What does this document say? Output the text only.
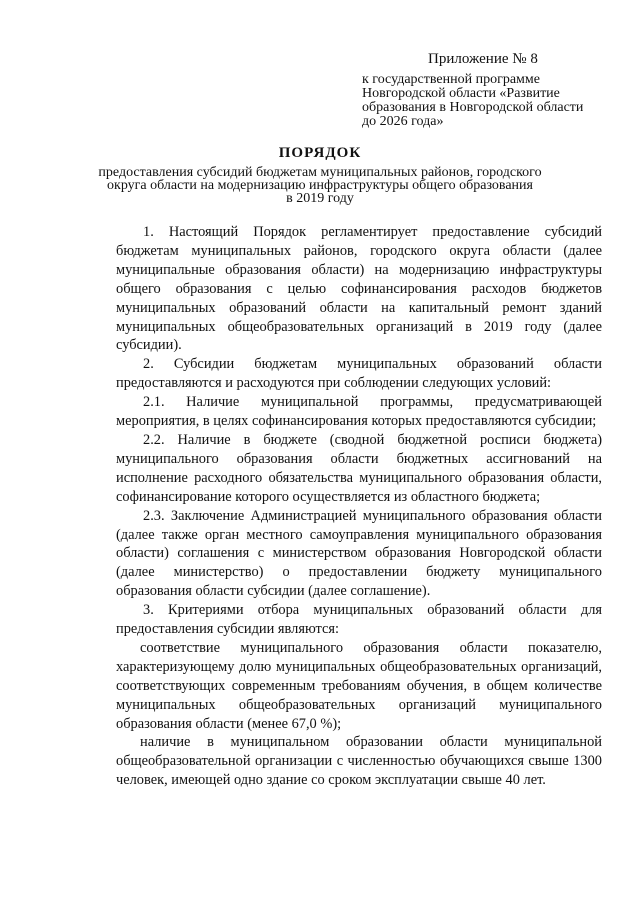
Приложение № 8
к государственной программе
Новгородской области «Развитие
образования в Новгородской области
до 2026 года»
ПОРЯДОК
предоставления субсидий бюджетам муниципальных районов, городского
округа области на модернизацию инфраструктуры общего образования
в 2019 году

1. Настоящий Порядок регламентирует предоставление субсидий бюджетам муниципальных районов, городского округа области (далее муниципальные образования области) на модернизацию инфраструктуры общего образования с целью софинансирования расходов бюджетов муниципальных образований области на капитальный ремонт зданий муниципальных общеобразовательных организаций в 2019 году (далее субсидии).

2. Субсидии бюджетам муниципальных образований области предоставляются и расходуются при соблюдении следующих условий:

2.1. Наличие муниципальной программы, предусматривающей мероприятия, в целях софинансирования которых предоставляются субсидии;

2.2. Наличие в бюджете (сводной бюджетной росписи бюджета) муниципального образования области бюджетных ассигнований на исполнение расходного обязательства муниципального образования области, софинансирование которого осуществляется из областного бюджета;

2.3. Заключение Администрацией муниципального образования области (далее также орган местного самоуправления муниципального образования области) соглашения с министерством образования Новгородской области (далее министерство) о предоставлении бюджету муниципального образования области субсидии (далее соглашение).

3. Критериями отбора муниципальных образований области для предоставления субсидии являются:

соответствие муниципального образования области показателю, характеризующему долю муниципальных общеобразовательных организаций, соответствующих современным требованиям обучения, в общем количестве муниципальных общеобразовательных организаций муниципального образования области (менее 67,0 %);

наличие в муниципальном образовании области муниципальной общеобразовательной организации с численностью обучающихся свыше 1300 человек, имеющей одно здание со сроком эксплуатации свыше 40 лет.
